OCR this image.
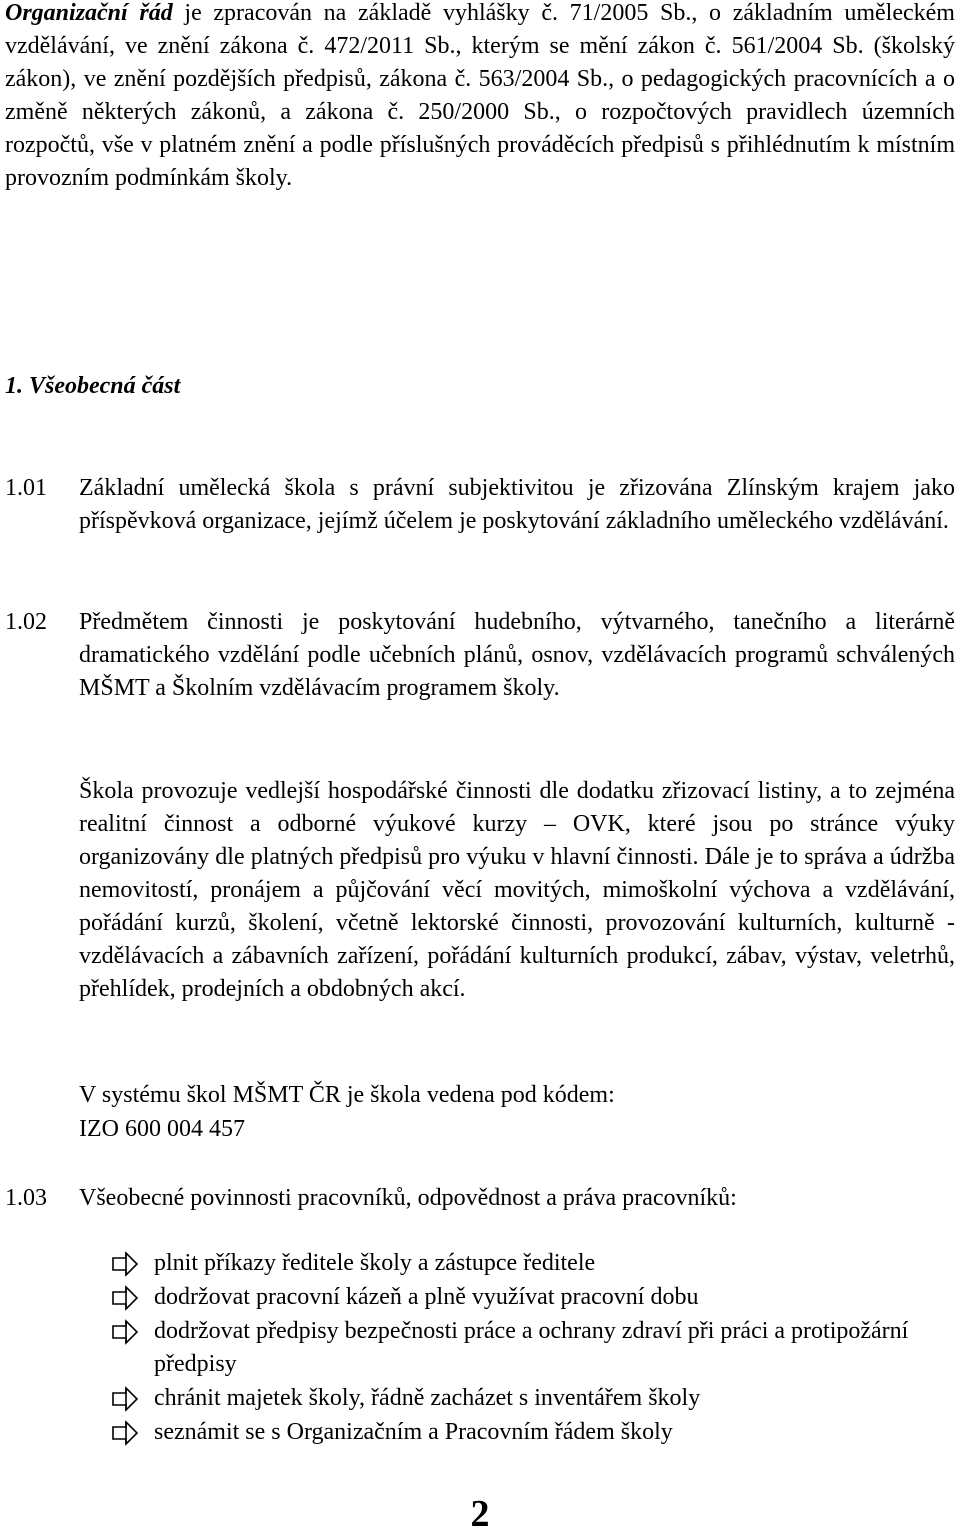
Organizační řád je zpracován na základě vyhlášky č. 71/2005 Sb., o základním uměleckém vzdělávání, ve znění zákona č. 472/2011 Sb., kterým se mění zákon č. 561/2004 Sb. (školský zákon), ve znění pozdějších předpisů, zákona č. 563/2004 Sb., o pedagogických pracovnících a o změně některých zákonů, a zákona č. 250/2000 Sb., o rozpočtových pravidlech územních rozpočtů, vše v platném znění a podle příslušných prováděcích předpisů s přihlédnutím k místním provozním podmínkám školy.
1. Všeobecná část
1.01 Základní umělecká škola s právní subjektivitou je zřizována Zlínským krajem jako příspěvková organizace, jejímž účelem je poskytování základního uměleckého vzdělávání.
1.02 Předmětem činnosti je poskytování hudebního, výtvarného, tanečního a literárně dramatického vzdělání podle učebních plánů, osnov, vzdělávacích programů schválených MŠMT a Školním vzdělávacím programem školy.
Škola provozuje vedlejší hospodářské činnosti dle dodatku zřizovací listiny, a to zejména realitní činnost a odborné výukové kurzy – OVK, které jsou po stránce výuky organizovány dle platných předpisů pro výuku v hlavní činnosti. Dále je to správa a údržba nemovitostí, pronájem a půjčování věcí movitých, mimoškolní výchova a vzdělávání, pořádání kurzů, školení, včetně lektorské činnosti, provozování kulturních, kulturně - vzdělávacích a zábavních zařízení, pořádání kulturních produkcí, zábav, výstav, veletrhů, přehlídek, prodejních a obdobných akcí.
V systému škol MŠMT ČR je škola vedena pod kódem:
IZO 600 004 457
1.03 Všeobecné povinnosti pracovníků, odpovědnost a práva pracovníků:
plnit příkazy ředitele školy a zástupce ředitele
dodržovat pracovní kázeň a plně využívat pracovní dobu
dodržovat předpisy bezpečnosti práce a ochrany zdraví při práci a protipožární předpisy
chránit majetek školy, řádně zacházet s inventářem školy
seznámit se s Organizačním a Pracovním řádem školy
2
